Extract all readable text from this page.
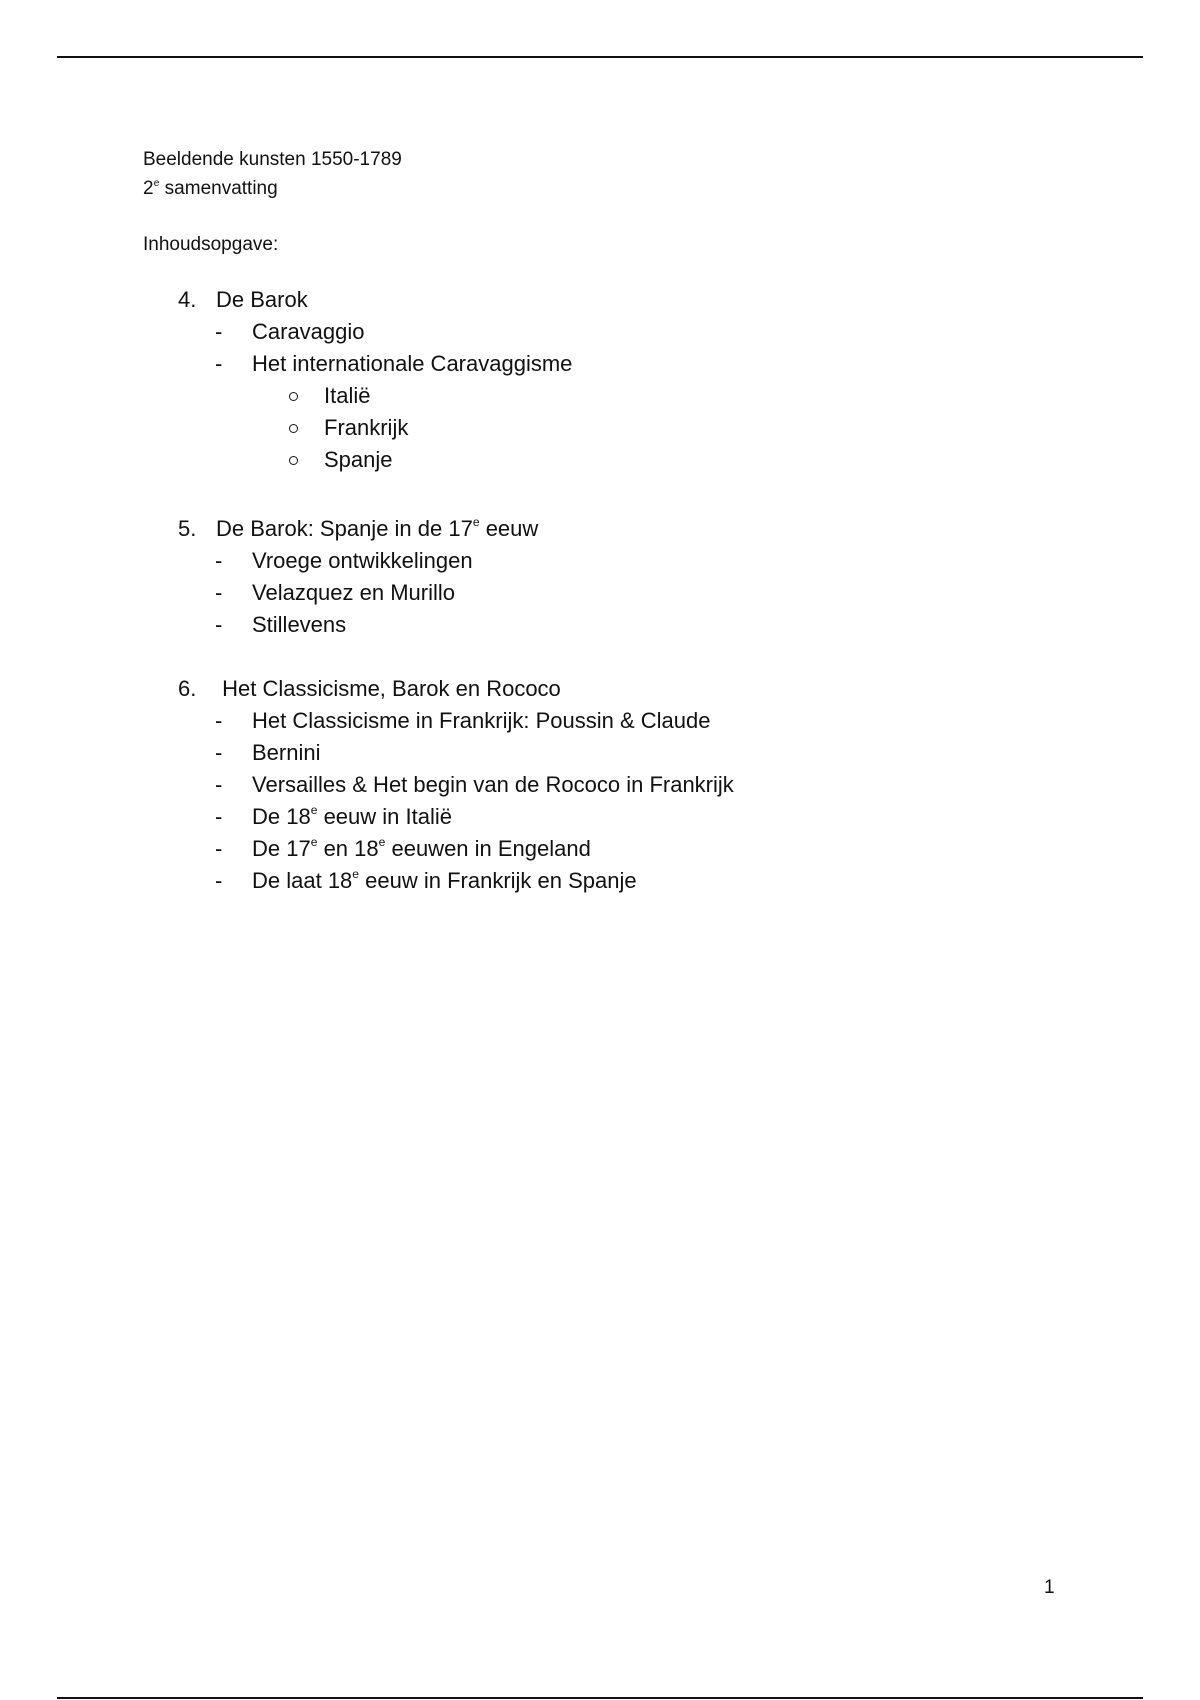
Beeldende kunsten 1550-1789
2e samenvatting
Inhoudsopgave:
4. De Barok
- Caravaggio
- Het internationale Caravaggisme
Italië
Frankrijk
Spanje
5. De Barok: Spanje in de 17e eeuw
- Vroege ontwikkelingen
- Velazquez en Murillo
- Stillevens
6. Het Classicisme, Barok en Rococo
- Het Classicisme in Frankrijk: Poussin & Claude
- Bernini
- Versailles & Het begin van de Rococo in Frankrijk
- De 18e eeuw in Italië
- De 17e en 18e eeuwen in Engeland
- De laat 18e eeuw in Frankrijk en Spanje
1
